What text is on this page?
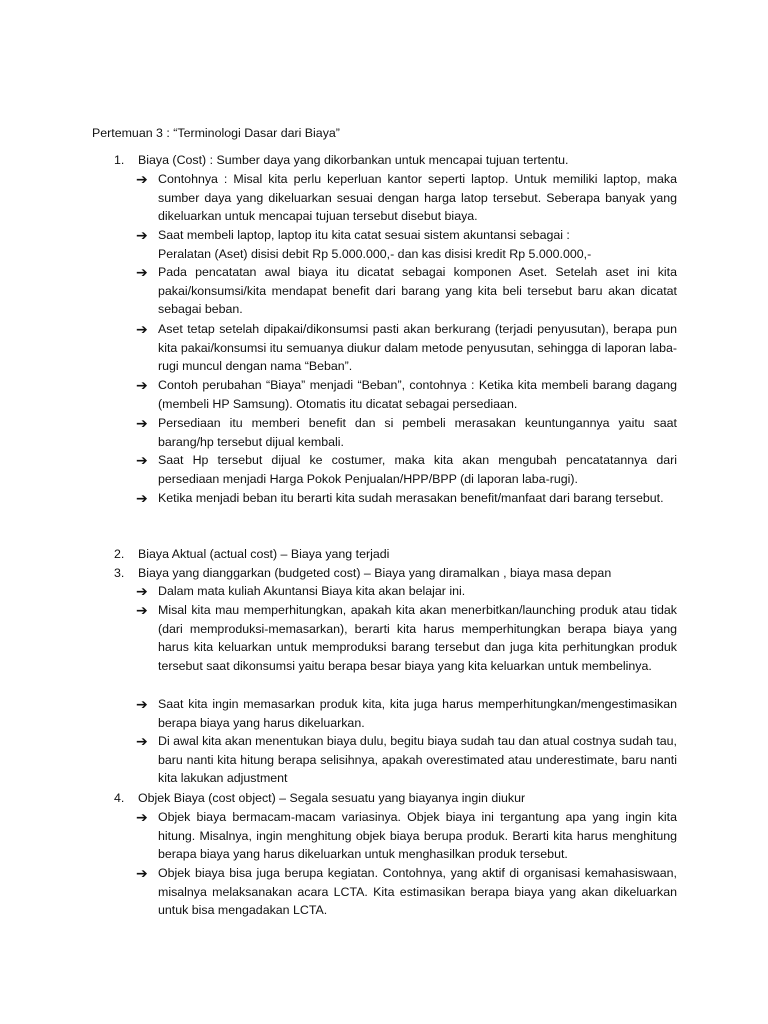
Pertemuan 3 : “Terminologi Dasar dari Biaya”

1. Biaya (Cost) : Sumber daya yang dikorbankan untuk mencapai tujuan tertentu.

➔ Contohnya : Misal kita perlu keperluan kantor seperti laptop. Untuk memiliki laptop, maka sumber daya yang dikeluarkan sesuai dengan harga latop tersebut. Seberapa banyak yang dikeluarkan untuk mencapai tujuan tersebut disebut biaya.

➔ Saat membeli laptop, laptop itu kita catat sesuai sistem akuntansi sebagai :

Peralatan (Aset) disisi debit Rp 5.000.000,- dan kas disisi kredit Rp 5.000.000,-

➔ Pada pencatatan awal biaya itu dicatat sebagai komponen Aset. Setelah aset ini kita pakai/konsumsi/kita mendapat benefit dari barang yang kita beli tersebut baru akan dicatat sebagai beban.

➔ Aset tetap setelah dipakai/dikonsumsi pasti akan berkurang (terjadi penyusutan), berapa pun kita pakai/konsumsi itu semuanya diukur dalam metode penyusutan, sehingga di laporan laba-rugi muncul dengan nama “Beban”.

➔ Contoh perubahan “Biaya” menjadi “Beban”, contohnya : Ketika kita membeli barang dagang (membeli HP Samsung). Otomatis itu dicatat sebagai persediaan.

➔ Persediaan itu memberi benefit dan si pembeli merasakan keuntungannya yaitu saat barang/hp tersebut dijual kembali.

➔ Saat Hp tersebut dijual ke costumer, maka kita akan mengubah pencatatannya dari persediaan menjadi Harga Pokok Penjualan/HPP/BPP (di laporan laba-rugi).

➔ Ketika menjadi beban itu berarti kita sudah merasakan benefit/manfaat dari barang tersebut.

2. Biaya Aktual (actual cost) – Biaya yang terjadi

3. Biaya yang dianggarkan (budgeted cost) – Biaya yang diramalkan , biaya masa depan

➔ Dalam mata kuliah Akuntansi Biaya kita akan belajar ini.

➔ Misal kita mau memperhitungkan, apakah kita akan menerbitkan/launching produk atau tidak (dari memproduksi-memasarkan), berarti kita harus memperhitungkan berapa biaya yang harus kita keluarkan untuk memproduksi barang tersebut dan juga kita perhitungkan produk tersebut saat dikonsumsi yaitu berapa besar biaya yang kita keluarkan untuk membelinya.

➔ Saat kita ingin memasarkan produk kita, kita juga harus memperhitungkan/mengestimasikan berapa biaya yang harus dikeluarkan.

➔ Di awal kita akan menentukan biaya dulu, begitu biaya sudah tau dan atual costnya sudah tau, baru nanti kita hitung berapa selisihnya, apakah overestimated atau underestimate, baru nanti kita lakukan adjustment

4. Objek Biaya (cost object) – Segala sesuatu yang biayanya ingin diukur

➔ Objek biaya bermacam-macam variasinya. Objek biaya ini tergantung apa yang ingin kita hitung. Misalnya, ingin menghitung objek biaya berupa produk. Berarti kita harus menghitung berapa biaya yang harus dikeluarkan untuk menghasilkan produk tersebut.

➔ Objek biaya bisa juga berupa kegiatan. Contohnya, yang aktif di organisasi kemahasiswaan, misalnya melaksanakan acara LCTA. Kita estimasikan berapa biaya yang akan dikeluarkan untuk bisa mengadakan LCTA.
